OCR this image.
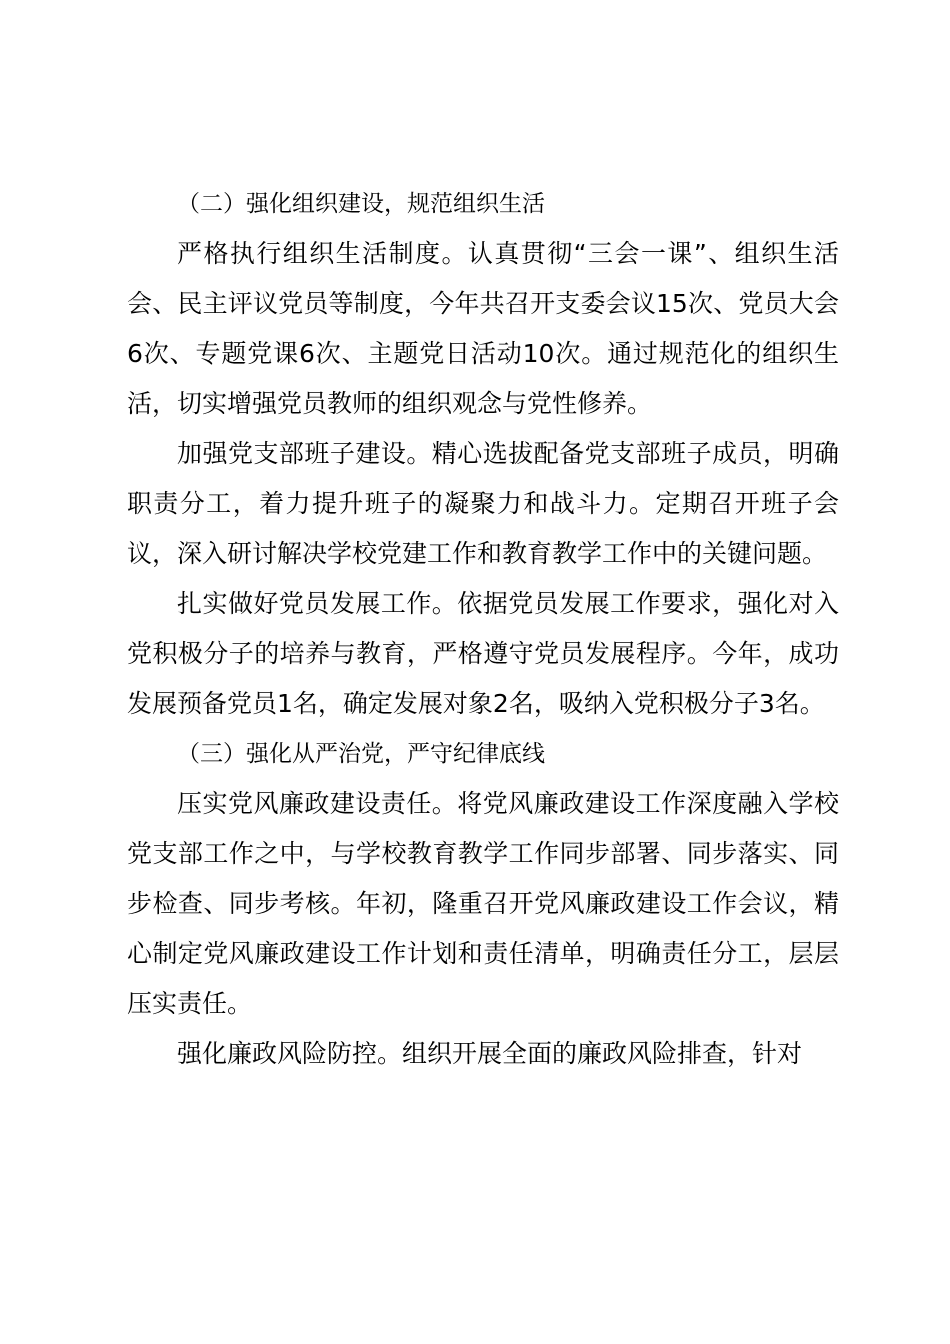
（二）强化组织建设，规范组织生活

严格执行组织生活制度。认真贯彻“三会一课”、组织生活会、民主评议党员等制度，今年共召开支委会议15次、党员大会6次、专题党课6次、主题党日活动10次。通过规范化的组织生活，切实增强党员教师的组织观念与党性修养。

加强党支部班子建设。精心选拔配备党支部班子成员，明确职责分工，着力提升班子的凝聚力和战斗力。定期召开班子会议，深入研讨解决学校党建工作和教育教学工作中的关键问题。

扎实做好党员发展工作。依据党员发展工作要求，强化对入党积极分子的培养与教育，严格遵守党员发展程序。今年，成功发展预备党员1名，确定发展对象2名，吸纳入党积极分子3名。

（三）强化从严治党，严守纪律底线

压实党风廉政建设责任。将党风廉政建设工作深度融入学校党支部工作之中，与学校教育教学工作同步部署、同步落实、同步检查、同步考核。年初，隆重召开党风廉政建设工作会议，精心制定党风廉政建设工作计划和责任清单，明确责任分工，层层压实责任。

强化廉政风险防控。组织开展全面的廉政风险排查，针对
